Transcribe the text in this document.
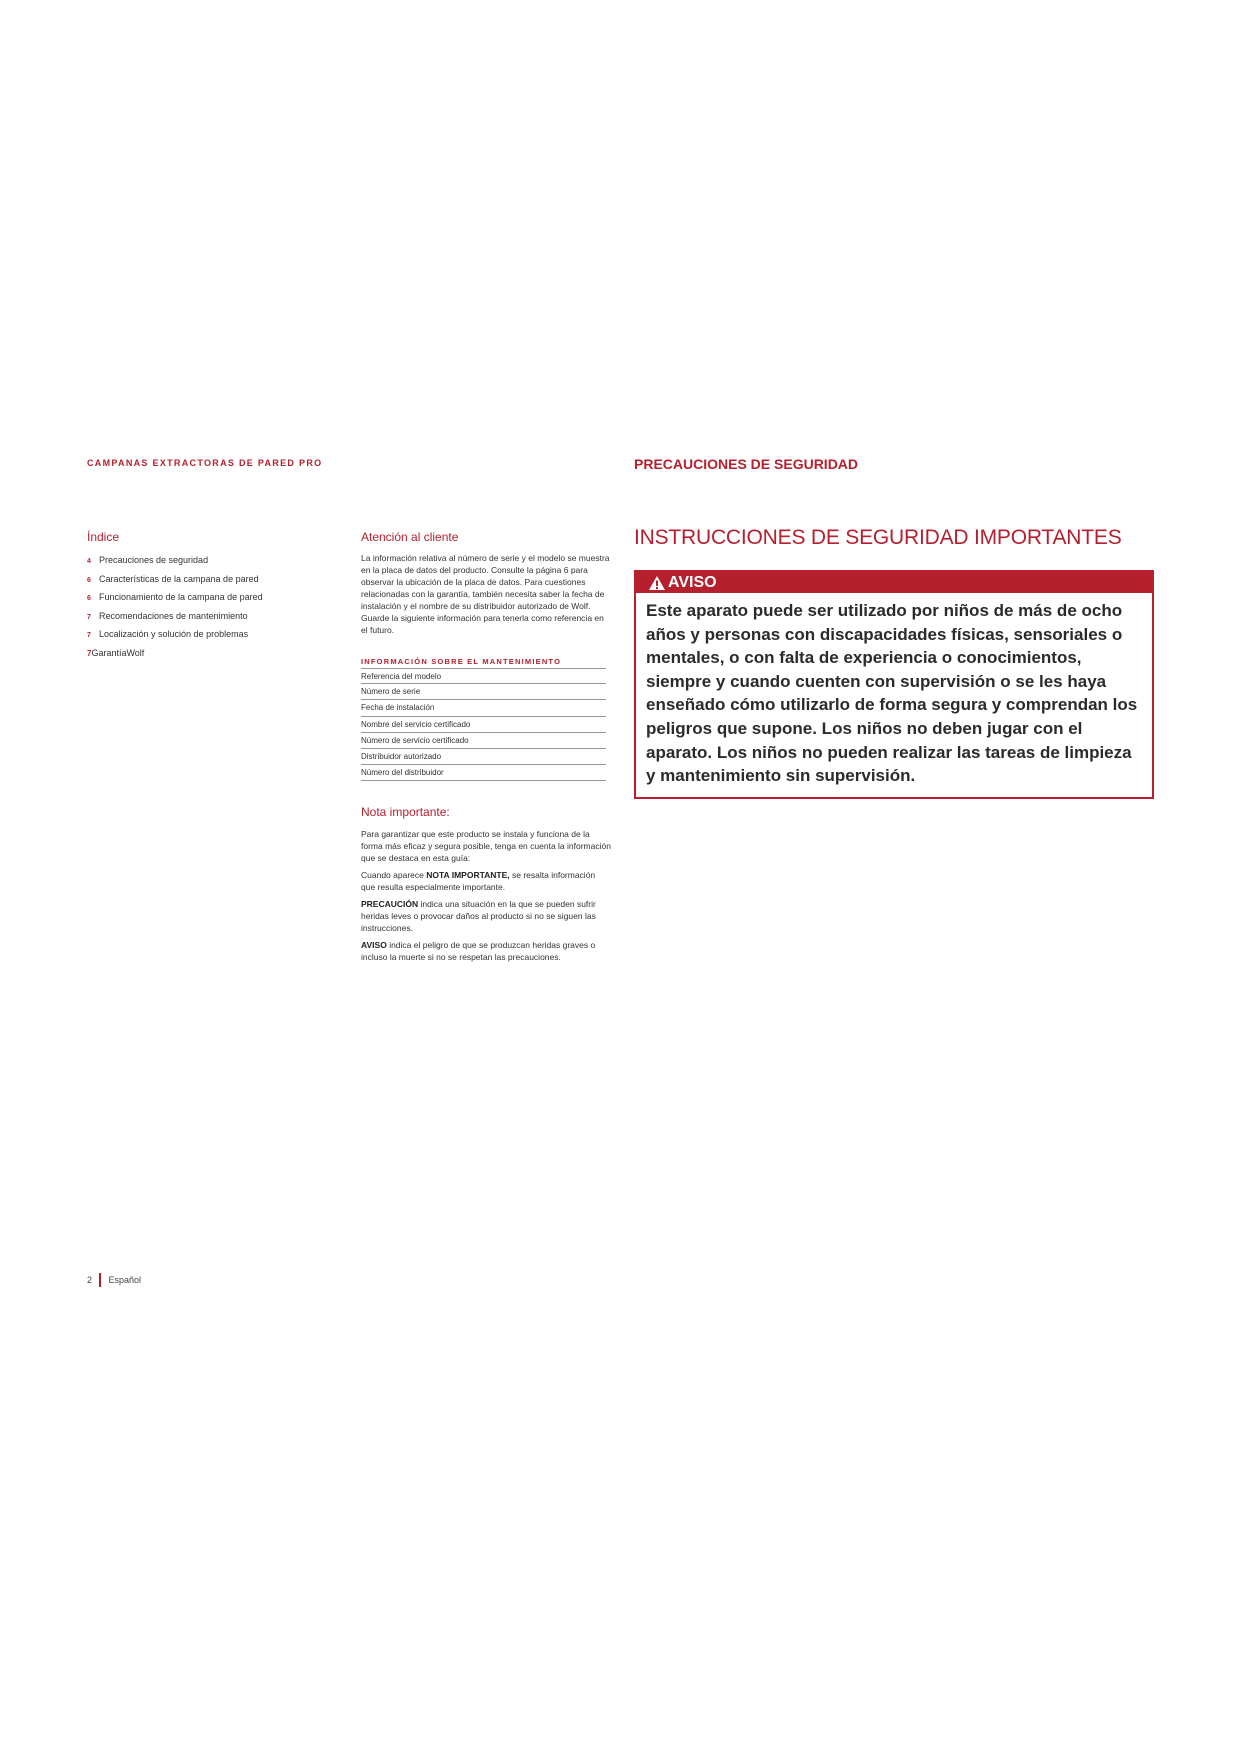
CAMPANAS EXTRACTORAS DE PARED PRO	PRECAUCIONES DE SEGURIDAD
Índice
4 Precauciones de seguridad
6 Características de la campana de pared
6 Funcionamiento de la campana de pared
7 Recomendaciones de mantenimiento
7 Localización y solución de problemas
7GarantíaWolf
Atención al cliente

La información relativa al número de serie y el modelo se muestra en la placa de datos del producto. Consulte la página 6 para observar la ubicación de la placa de datos. Para cuestiones relacionadas con la garantía, también necesita saber la fecha de instalación y el nombre de su distribuidor autorizado de Wolf. Guarde la siguiente información para tenerla como referencia en el futuro.

INFORMACIÓN SOBRE EL MANTENIMIENTO
Referencia del modelo
Número de serie
Fecha de instalación
Nombre del servicio certificado
Número de servicio certificado
Distribuidor autorizado
Número del distribuidor
Nota importante:

Para garantizar que este producto se instala y funciona de la forma más eficaz y segura posible, tenga en cuenta la información que se destaca en esta guía:

Cuando aparece NOTA IMPORTANTE, se resalta información que resulta especialmente importante.

PRECAUCIÓN indica una situación en la que se pueden sufrir heridas leves o provocar daños al producto si no se siguen las instrucciones.

AVISO indica el peligro de que se produzcan heridas graves o incluso la muerte si no se respetan las precauciones.

INSTRUCCIONES DE SEGURIDAD IMPORTANTES
AVISO

Este aparato puede ser utilizado por niños de más de ocho años y personas con discapacidades físicas, sensoriales o mentales, o con falta de experiencia o conocimientos, siempre y cuando cuenten con supervisión o se les haya enseñado cómo utilizarlo de forma segura y comprendan los peligros que supone. Los niños no deben jugar con el aparato. Los niños no pueden realizar las tareas de limpieza y mantenimiento sin supervisión.

2 Español
